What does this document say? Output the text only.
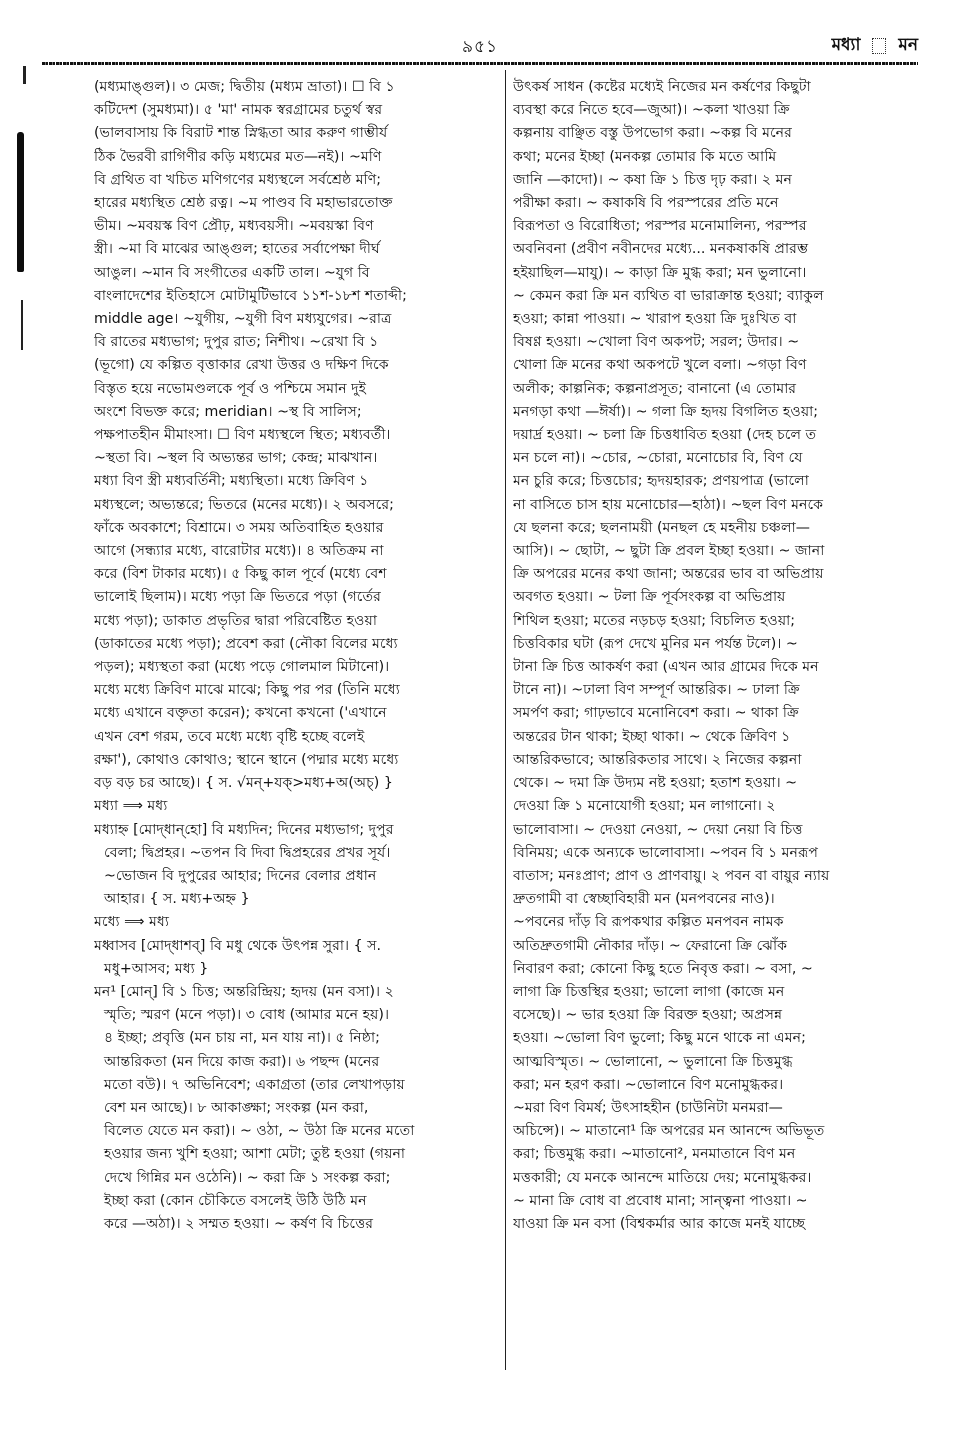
৯৫১	মধ্যা মন
(মধ্যমাঙ্গুল)। ৩ মেজ; দ্বিতীয় (মধ্যম ভ্রাতা)। ☐ বি ১
কটিদেশ (সুমধ্যমা)। ৫ 'মা' নামক স্বরগ্রামের চতুর্থ স্বর
(ভালবাসায় কি বিরাট শান্ত স্নিগ্ধতা আর করুণ গাম্ভীর্য
ঠিক ভৈরবী রাগিণীর কড়ি মধ্যমের মত—নই)। ~মণি
বি গ্রথিত বা খচিত মণিগণের মধ্যস্থলে সর্বশ্রেষ্ঠ মণি;
হারের মধ্যস্থিত শ্রেষ্ঠ রত্ন। ~ম পাণ্ডব বি মহাভারতোক্ত
ভীম। ~মবয়স্ক বিণ প্রৌঢ়, মধ্যবয়সী। ~মবয়স্কা বিণ
স্ত্রী। ~মা বি মাঝের আঙ্গুল; হাতের সর্বাপেক্ষা দীর্ঘ
আঙুল। ~মান বি সংগীতের একটি তাল। ~যুগ বি
বাংলাদেশের ইতিহাসে মোটামুটিভাবে ১১শ-১৮শ শতাব্দী;
middle age। ~যুগীয়, ~যুগী বিণ মধ্যযুগের। ~রাত্র
বি রাতের মধ্যভাগ; দুপুর রাত; নিশীথ। ~রেখা বি ১
(ভূগো) যে কল্পিত বৃত্তাকার রেখা উত্তর ও দক্ষিণ দিকে
বিস্তৃত হয়ে নভোমণ্ডলকে পূর্ব ও পশ্চিমে সমান দুই
অংশে বিভক্ত করে; meridian। ~স্থ বি সালিস;
পক্ষপাতহীন মীমাংসা। ☐ বিণ মধ্যস্থলে স্থিত; মধ্যবর্তী।
~স্থতা বি। ~স্থল বি অভ্যন্তর ভাগ; কেন্দ্র; মাঝখান।
মধ্যা বিণ স্ত্রী মধ্যবর্তিনী; মধ্যস্থিতা। মধ্যে ক্রিবিণ ১
মধ্যস্থলে; অভ্যন্তরে; ভিতরে (মনের মধ্যে)। ২ অবসরে;
ফাঁকে অবকাশে; বিশ্রামে। ৩ সময় অতিবাহিত হওয়ার
আগে (সন্ধ্যার মধ্যে, বারোটার মধ্যে)। ৪ অতিক্রম না
করে (বিশ টাকার মধ্যে)। ৫ কিছু কাল পূর্বে (মধ্যে বেশ
ভালোই ছিলাম)। মধ্যে পড়া ক্রি ভিতরে পড়া (গর্তের
মধ্যে পড়া); ডাকাত প্রভৃতির দ্বারা পরিবেষ্টিত হওয়া
(ডাকাতের মধ্যে পড়া); প্রবেশ করা (নৌকা বিলের মধ্যে
পড়ল); মধ্যস্থতা করা (মধ্যে পড়ে গোলমাল মিটানো)।
মধ্যে মধ্যে ক্রিবিণ মাঝে মাঝে; কিছু পর পর (তিনি মধ্যে
মধ্যে এখানে বক্তৃতা করেন); কখনো কখনো ('এখানে
এখন বেশ গরম, তবে মধ্যে মধ্যে বৃষ্টি হচ্ছে বলেই
রক্ষা'), কোথাও কোথাও; স্থানে স্থানে (পদ্মার মধ্যে মধ্যে
বড় বড় চর আছে)। { স. √মন্+যক্>মধ্য+অ(অচ্) }
মধ্যা ⟹ মধ্য
মধ্যাহ্ন [মোদ্‌ধান্‌হো] বি মধ্যদিন; দিনের মধ্যভাগ; দুপুর
বেলা; দ্বিপ্রহর। ~তপন বি দিবা দ্বিপ্রহরের প্রখর সূর্য।
~ভোজন বি দুপুরের আহার; দিনের বেলার প্রধান
আহার। { স. মধ্য+অহ্ন }
মধ্যে ⟹ মধ্য
মধ্বাসব [মোদ্‌ধাশব্‌] বি মধু থেকে উৎপন্ন সুরা। { স.
মধু+আসব; মধ্য }
মন¹ [মোন্‌] বি ১ চিত্ত; অন্তরিন্দ্রিয়; হৃদয় (মন বসা)। ২
স্মৃতি; স্মরণ (মনে পড়া)। ৩ বোধ (আমার মনে হয়)।
৪ ইচ্ছা; প্রবৃত্তি (মন চায় না, মন যায় না)। ৫ নিষ্ঠা;
আন্তরিকতা (মন দিয়ে কাজ করা)। ৬ পছন্দ (মনের
মতো বউ)। ৭ অভিনিবেশ; একাগ্রতা (তার লেখাপড়ায়
বেশ মন আছে)। ৮ আকাঙ্ক্ষা; সংকল্প (মন করা,
বিলেত যেতে মন করা)। ~ ওঠা, ~ উঠা ক্রি মনের মতো
হওয়ার জন্য খুশি হওয়া; আশা মেটা; তুষ্ট হওয়া (গয়না
দেখে গিন্নির মন ওঠেনি)। ~ করা ক্রি ১ সংকল্প করা;
ইচ্ছা করা (কোন চৌকিতে বসলেই উঠি উঠি মন
করে —অঠা)। ২ সম্মত হওয়া। ~ কর্ষণ বি চিত্তের
উৎকর্ষ সাধন (কষ্টের মধ্যেই নিজের মন কর্ষণের কিছুটা
ব্যবস্থা করে নিতে হবে—জুআ)। ~কলা খাওয়া ক্রি
কল্পনায় বাঞ্ছিত বস্তু উপভোগ করা। ~কল্প বি মনের
কথা; মনের ইচ্ছা (মনকল্প তোমার কি মতে আমি
জানি —কাদো)। ~ কষা ক্রি ১ চিত্ত দৃঢ় করা। ২ মন
পরীক্ষা করা। ~ কষাকষি বি পরস্পরের প্রতি মনে
বিরূপতা ও বিরোধিতা; পরস্পর মনোমালিন্য, পরস্পর
অবনিবনা (প্রবীণ নবীনদের মধ্যে... মনকষাকষি প্রারম্ভ
হইয়াছিল—মাযু)। ~ কাড়া ক্রি মুগ্ধ করা; মন ভুলানো।
~ কেমন করা ক্রি মন ব্যথিত বা ভারাক্রান্ত হওয়া; ব্যাকুল
হওয়া; কান্না পাওয়া। ~ খারাপ হওয়া ক্রি দুঃখিত বা
বিষণ্ণ হওয়া। ~খোলা বিণ অকপট; সরল; উদার। ~
খোলা ক্রি মনের কথা অকপটে খুলে বলা। ~গড়া বিণ
অলীক; কাল্পনিক; কল্পনাপ্রসূত; বানানো (এ তোমার
মনগড়া কথা —ঈর্ষা)। ~ গলা ক্রি হৃদয় বিগলিত হওয়া;
দয়ার্দ্র হওয়া। ~ চলা ক্রি চিত্তধাবিত হওয়া (দেহ চলে ত
মন চলে না)। ~চোর, ~চোরা, মনোচোর বি, বিণ যে
মন চুরি করে; চিত্তচোর; হৃদয়হারক; প্রণয়পাত্র (ভালো
না বাসিতে চাস হায় মনোচোর—হাঠা)। ~ছল বিণ মনকে
যে ছলনা করে; ছলনাময়ী (মনছল হে মহনীয় চঞ্চলা—
আসি)। ~ ছোটা, ~ ছুটা ক্রি প্রবল ইচ্ছা হওয়া। ~ জানা
ক্রি অপরের মনের কথা জানা; অন্তরের ভাব বা অভিপ্রায়
অবগত হওয়া। ~ টলা ক্রি পূর্বসংকল্প বা অভিপ্রায়
শিথিল হওয়া; মতের নড়চড় হওয়া; বিচলিত হওয়া;
চিত্তবিকার ঘটা (রূপ দেখে মুনির মন পর্যন্ত টলে)। ~
টানা ক্রি চিত্ত আকর্ষণ করা (এখন আর গ্রামের দিকে মন
টানে না)। ~ঢালা বিণ সম্পূর্ণ আন্তরিক। ~ ঢালা ক্রি
সমর্পণ করা; গাঢ়ভাবে মনোনিবেশ করা। ~ থাকা ক্রি
অন্তরের টান থাকা; ইচ্ছা থাকা। ~ থেকে ক্রিবিণ ১
আন্তরিকভাবে; আন্তরিকতার সাথে। ২ নিজের কল্পনা
থেকে। ~ দমা ক্রি উদ্যম নষ্ট হওয়া; হতাশ হওয়া। ~
দেওয়া ক্রি ১ মনোযোগী হওয়া; মন লাগানো। ২
ভালোবাসা। ~ দেওয়া নেওয়া, ~ দেয়া নেয়া বি চিত্ত
বিনিময়; একে অন্যকে ভালোবাসা। ~পবন বি ১ মনরূপ
বাতাস; মনঃপ্রাণ; প্রাণ ও প্রাণবায়ু। ২ পবন বা বায়ুর ন্যায়
দ্রুতগামী বা স্বেচ্ছাবিহারী মন (মনপবনের নাও)।
~পবনের দাঁড় বি রূপকথার কল্পিত মনপবন নামক
অতিদ্রুতগামী নৌকার দাঁড়। ~ ফেরানো ক্রি ঝোঁক
নিবারণ করা; কোনো কিছু হতে নিবৃত্ত করা। ~ বসা, ~
লাগা ক্রি চিত্তস্থির হওয়া; ভালো লাগা (কাজে মন
বসেছে)। ~ ভার হওয়া ক্রি বিরক্ত হওয়া; অপ্রসন্ন
হওয়া। ~ভোলা বিণ ভুলো; কিছু মনে থাকে না এমন;
আত্মবিস্মৃত। ~ ভোলানো, ~ ভুলানো ক্রি চিত্তমুগ্ধ
করা; মন হরণ করা। ~ভোলানে বিণ মনোমুগ্ধকর।
~মরা বিণ বিমর্ষ; উৎসাহহীন (চাউনিটা মনমরা—
অচিন্সে)। ~ মাতানো¹ ক্রি অপরের মন আনন্দে অভিভূত
করা; চিত্তমুগ্ধ করা। ~মাতানো², মনমাতানে বিণ মন
মত্তকারী; যে মনকে আনন্দে মাতিয়ে দেয়; মনোমুগ্ধকর।
~ মানা ক্রি বোধ বা প্রবোধ মানা; সান্ত্বনা পাওয়া। ~
যাওয়া ক্রি মন বসা (বিশ্বকর্মার আর কাজে মনই যাচ্ছে
